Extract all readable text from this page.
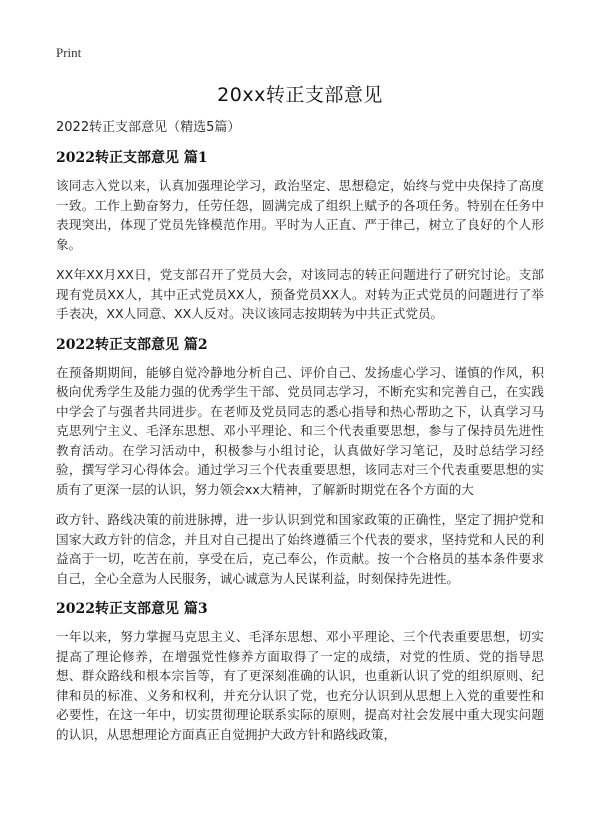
Print
20xx转正支部意见
2022转正支部意见（精选5篇）
2022转正支部意见 篇1

该同志入党以来，认真加强理论学习，政治坚定、思想稳定，始终与党中央保持了高度一致。工作上勤奋努力，任劳任怨，圆满完成了组织上赋予的各项任务。特别在任务中表现突出，体现了党员先锋模范作用。平时为人正直、严于律己，树立了良好的个人形象。

XX年XX月XX日，党支部召开了党员大会，对该同志的转正问题进行了研究讨论。支部现有党员XX人，其中正式党员XX人，预备党员XX人。对转为正式党员的问题进行了举手表决，XX人同意、XX人反对。决议该同志按期转为中共正式党员。

2022转正支部意见 篇2

在预备期期间，能够自觉冷静地分析自己、评价自己、发扬虚心学习、谨慎的作风，积极向优秀学生及能力强的优秀学生干部、党员同志学习，不断充实和完善自己，在实践中学会了与强者共同进步。在老师及党员同志的悉心指导和热心帮助之下，认真学习马克思列宁主义、毛泽东思想、邓小平理论、和三个代表重要思想，参与了保持员先进性教育活动。在学习活动中，积极参与小组讨论，认真做好学习笔记，及时总结学习经验，撰写学习心得体会。通过学习三个代表重要思想，该同志对三个代表重要思想的实质有了更深一层的认识，努力领会xx大精神，了解新时期党在各个方面的大

政方针、路线决策的前进脉搏，进一步认识到党和国家政策的正确性，坚定了拥护党和国家大政方针的信念，并且对自己提出了始终遵循三个代表的要求，坚持党和人民的利益高于一切，吃苦在前，享受在后，克己奉公，作贡献。按一个合格员的基本条件要求自己，全心全意为人民服务，诚心诚意为人民谋利益，时刻保持先进性。

2022转正支部意见 篇3

一年以来，努力掌握马克思主义、毛泽东思想、邓小平理论、三个代表重要思想，切实提高了理论修养，在增强党性修养方面取得了一定的成绩，对党的性质、党的指导思想、群众路线和根本宗旨等，有了更深刻准确的认识，也重新认识了党的组织原则、纪律和员的标准、义务和权利，并充分认识了党，也充分认识到从思想上入党的重要性和必要性，在这一年中，切实贯彻理论联系实际的原则，提高对社会发展中重大现实问题的认识，从思想理论方面真正自觉拥护大政方针和路线政策，
